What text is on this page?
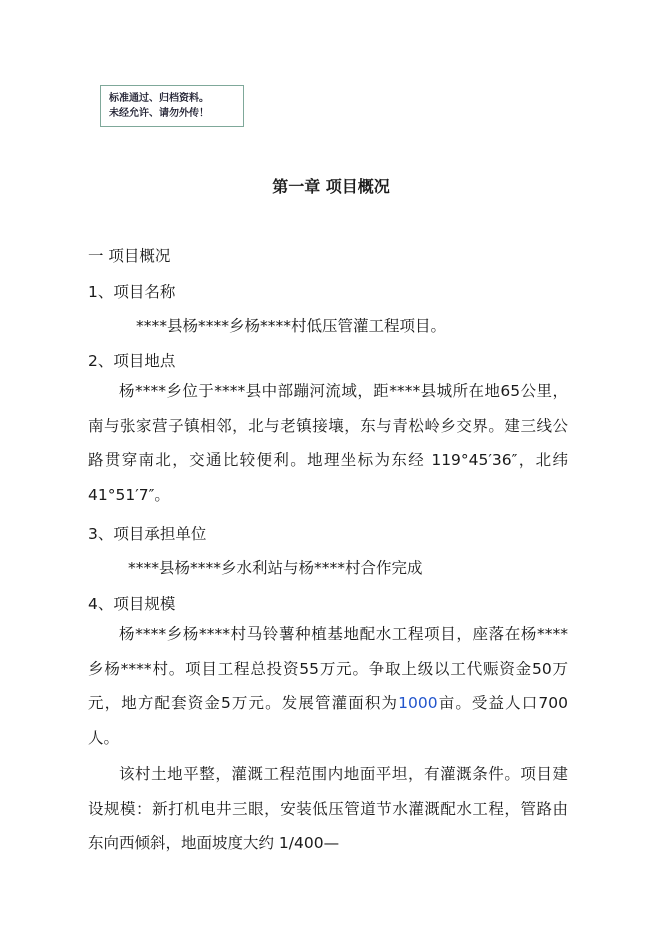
标准通过、归档资料。
未经允许、请勿外传！
第一章 项目概况
一 项目概况
1、项目名称
****县杨****乡杨****村低压管灌工程项目。
2、项目地点
杨****乡位于****县中部蹦河流域，距****县城所在地65公里，南与张家营子镇相邻，北与老镇接壤，东与青松岭乡交界。建三线公路贯穿南北，交通比较便利。地理坐标为东经 119°45′36″，北纬 41°51′7″。
3、项目承担单位
****县杨****乡水利站与杨****村合作完成
4、项目规模
杨****乡杨****村马铃薯种植基地配水工程项目，座落在杨****乡杨****村。项目工程总投资55万元。争取上级以工代赈资金50万元，地方配套资金5万元。发展管灌面积为1000亩。受益人口700人。
该村土地平整，灌溉工程范围内地面平坦，有灌溉条件。项目建设规模：新打机电井三眼，安装低压管道节水灌溉配水工程，管路由东向西倾斜，地面坡度大约 1/400—
